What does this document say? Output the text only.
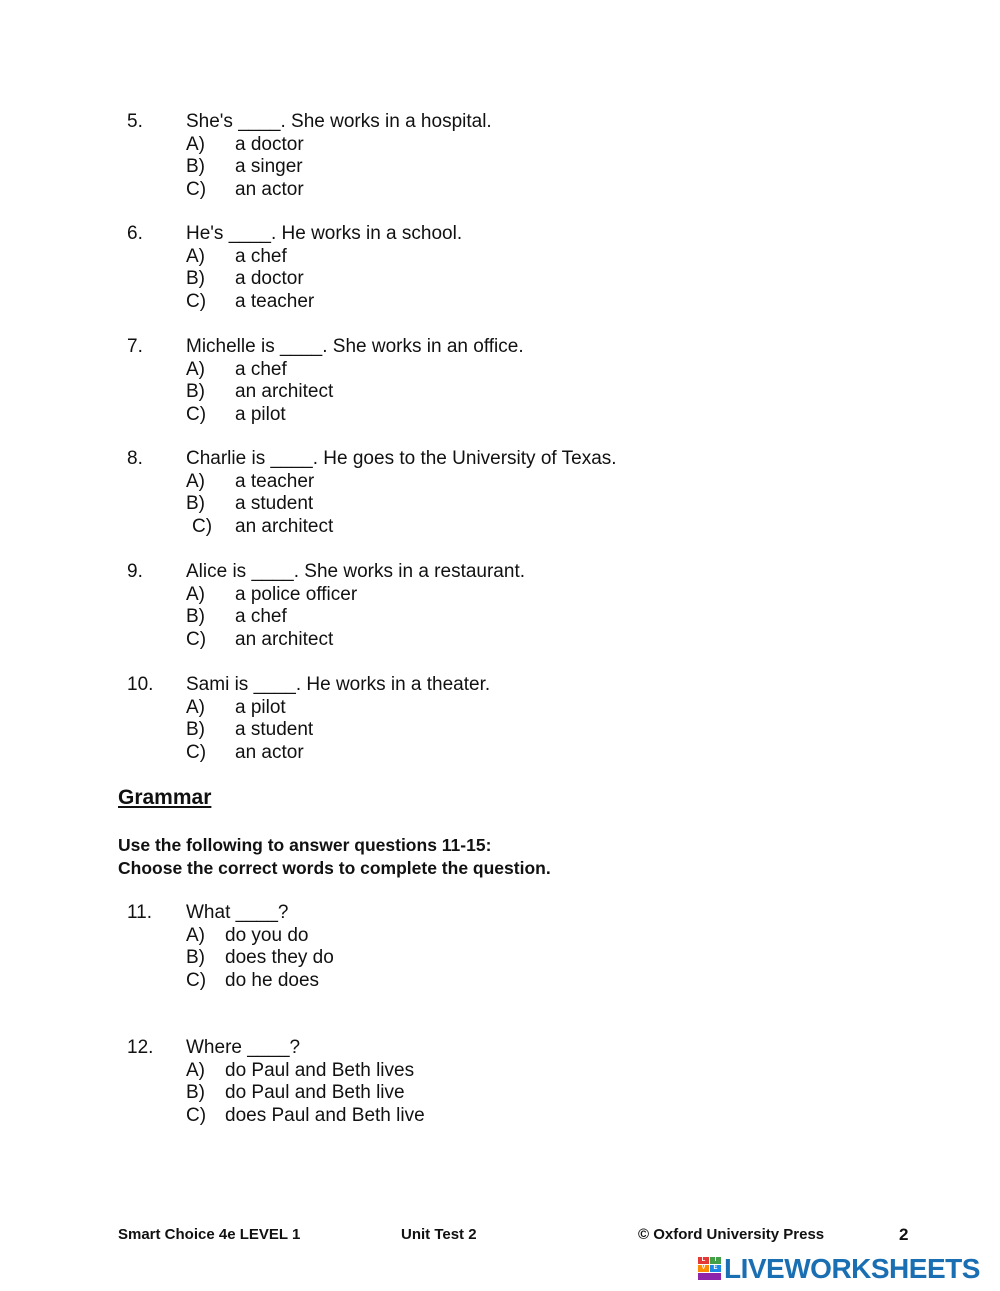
5. She's ____. She works in a hospital.
A) a doctor
B) a singer
C) an actor
6. He's ____. He works in a school.
A) a chef
B) a doctor
C) a teacher
7. Michelle is ____. She works in an office.
A) a chef
B) an architect
C) a pilot
8. Charlie is ____. He goes to the University of Texas.
A) a teacher
B) a student
C) an architect
9. Alice is ____. She works in a restaurant.
A) a police officer
B) a chef
C) an architect
10. Sami is ____. He works in a theater.
A) a pilot
B) a student
C) an actor
Grammar
Use the following to answer questions 11-15:
Choose the correct words to complete the question.
11. What ____?
A) do you do
B) does they do
C) do he does
12. Where ____?
A) do Paul and Beth lives
B) do Paul and Beth live
C) does Paul and Beth live
Smart Choice 4e LEVEL 1	Unit Test 2	© Oxford University Press	2
L	I
V	E LIVEWORKSHEETS
